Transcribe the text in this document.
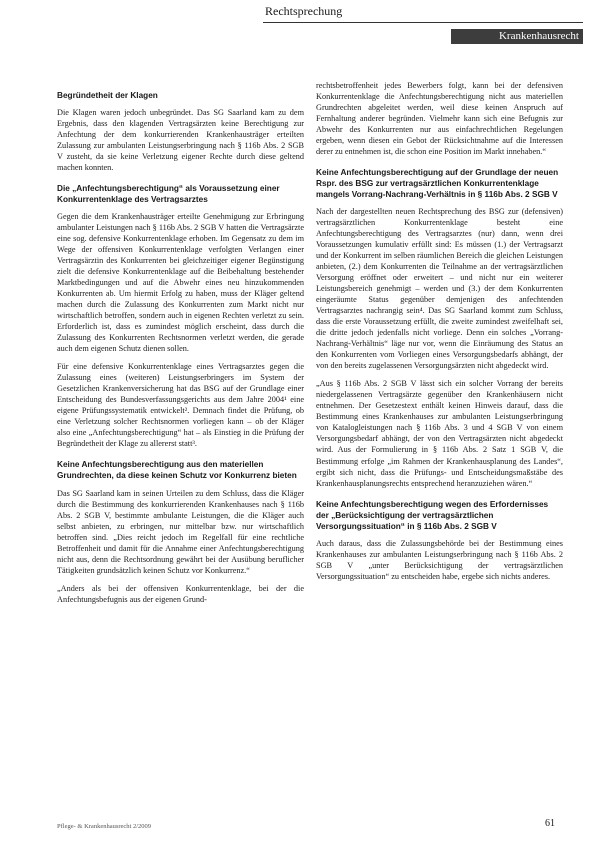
Rechtsprechung
Krankenhausrecht
Begründetheit der Klagen

Die Klagen waren jedoch unbegründet. Das SG Saarland kam zu dem Ergebnis, dass den klagenden Vertragsärzten keine Berechtigung zur Anfechtung der dem konkurrierenden Krankenhausträger erteilten Zulassung zur ambulanten Leistungserbringung nach § 116b Abs. 2 SGB V zusteht, da sie keine Verletzung eigener Rechte durch diese geltend machen konnten.

Die „Anfechtungsberechtigung“ als Voraussetzung einer Konkurrentenklage des Vertragsarztes

Gegen die dem Krankenhausträger erteilte Genehmigung zur Erbringung ambulanter Leistungen nach § 116b Abs. 2 SGB V hatten die Vertragsärzte eine sog. defensive Konkurrentenklage erhoben. Im Gegensatz zu dem im Wege der offensiven Konkurrentenklage verfolgten Verlangen einer Vertragsärztin des Konkurrenten bei gleichzeitiger eigener Begünstigung zielt die defensive Konkurrentenklage auf die Beibehaltung bestehender Marktbedingungen und auf die Abwehr eines neu hinzukommenden Konkurrenten ab. Um hiermit Erfolg zu haben, muss der Kläger geltend machen durch die Zulassung des Konkurrenten zum Markt nicht nur wirtschaftlich betroffen, sondern auch in eigenen Rechten verletzt zu sein. Erforderlich ist, dass es zumindest möglich erscheint, dass durch die Zulassung des Konkurrenten Rechtsnormen verletzt werden, die gerade auch dem eigenen Schutz dienen sollen.

Für eine defensive Konkurrentenklage eines Vertragsarztes gegen die Zulassung eines (weiteren) Leistungserbringers im System der Gesetzlichen Krankenversicherung hat das BSG auf der Grundlage einer Entscheidung des Bundesverfassungsgerichts aus dem Jahre 2004¹ eine eigene Prüfungssystematik entwickelt². Demnach findet die Prüfung, ob eine Verletzung solcher Rechtsnormen vorliegen kann – ob der Kläger also eine „Anfechtungsberechtigung“ hat – als Einstieg in die Prüfung der Begründetheit der Klage zu allererst statt³.

Keine Anfechtungsberechtigung aus den materiellen Grundrechten, da diese keinen Schutz vor Konkurrenz bieten

Das SG Saarland kam in seinen Urteilen zu dem Schluss, dass die Kläger durch die Bestimmung des konkurrierenden Krankenhauses nach § 116b Abs. 2 SGB V, bestimmte ambulante Leistungen, die die Kläger auch selbst anbieten, zu erbringen, nur mittelbar bzw. nur wirtschaftlich betroffen sind. „Dies reicht jedoch im Regelfall für eine rechtliche Betroffenheit und damit für die Annahme einer Anfechtungsberechtigung nicht aus, denn die Rechtsordnung gewährt bei der Ausübung beruflicher Tätigkeiten grundsätzlich keinen Schutz vor Konkurrenz.“

„Anders als bei der offensiven Konkurrentenklage, bei der die Anfechtungsbefugnis aus der eigenen Grund-

rechtsbetroffenheit jedes Bewerbers folgt, kann bei der defensiven Konkurrentenklage die Anfechtungsberechtigung nicht aus materiellen Grundrechten abgeleitet werden, weil diese keinen Anspruch auf Fernhaltung anderer begründen. Vielmehr kann sich eine Befugnis zur Abwehr des Konkurrenten nur aus einfachrechtlichen Regelungen ergeben, wenn diesen ein Gebot der Rücksichtnahme auf die Interessen derer zu entnehmen ist, die schon eine Position im Markt innehaben.“

Keine Anfechtungsberechtigung auf der Grundlage der neuen Rspr. des BSG zur vertragsärztlichen Konkurrentenklage mangels Vorrang-Nachrang-Verhältnis in § 116b Abs. 2 SGB V

Nach der dargestellten neuen Rechtsprechung des BSG zur (defensiven) vertragsärztlichen Konkurrentenklage besteht eine Anfechtungsberechtigung des Vertragsarztes (nur) dann, wenn drei Voraussetzungen kumulativ erfüllt sind: Es müssen (1.) der Vertragsarzt und der Konkurrent im selben räumlichen Bereich die gleichen Leistungen anbieten, (2.) dem Konkurrenten die Teilnahme an der vertragsärztlichen Versorgung eröffnet oder erweitert – und nicht nur ein weiterer Leistungsbereich genehmigt – werden und (3.) der dem Konkurrenten eingeräumte Status gegenüber demjenigen des anfechtenden Vertragsarztes nachrangig sein⁴. Das SG Saarland kommt zum Schluss, dass die erste Voraussetzung erfüllt, die zweite zumindest zweifelhaft sei, die dritte jedoch jedenfalls nicht vorliege. Denn ein solches „Vorrang-Nachrang-Verhältnis“ läge nur vor, wenn die Einräumung des Status an den Konkurrenten vom Vorliegen eines Versorgungsbedarfs abhängt, der von den bereits zugelassenen Versorgungsärzten nicht abgedeckt wird.

„Aus § 116b Abs. 2 SGB V lässt sich ein solcher Vorrang der bereits niedergelassenen Vertragsärzte gegenüber den Krankenhäusern nicht entnehmen. Der Gesetzestext enthält keinen Hinweis darauf, dass die Bestimmung eines Krankenhauses zur ambulanten Leistungserbringung von Katalogleistungen nach § 116b Abs. 3 und 4 SGB V von einem Versorgungsbedarf abhängt, der von den Vertragsärzten nicht abgedeckt wird. Aus der Formulierung in § 116b Abs. 2 Satz 1 SGB V, die Bestimmung erfolge „im Rahmen der Krankenhausplanung des Landes“, ergibt sich nicht, dass die Prüfungs- und Entscheidungsmaßstäbe des Krankenhausplanungsrechts entsprechend heranzuziehen wären.“

Keine Anfechtungsberechtigung wegen des Erfordernisses der „Berücksichtigung der vertragsärztlichen Versorgungssituation“ in § 116b Abs. 2 SGB V

Auch daraus, dass die Zulassungsbehörde bei der Bestimmung eines Krankenhauses zur ambulanten Leistungserbringung nach § 116b Abs. 2 SGB V „unter Berücksichtigung der vertragsärztlichen Versorgungssituation“ zu entscheiden habe, ergebe sich nichts anderes.

Pflege- & Krankenhausrecht 2/2009	61
